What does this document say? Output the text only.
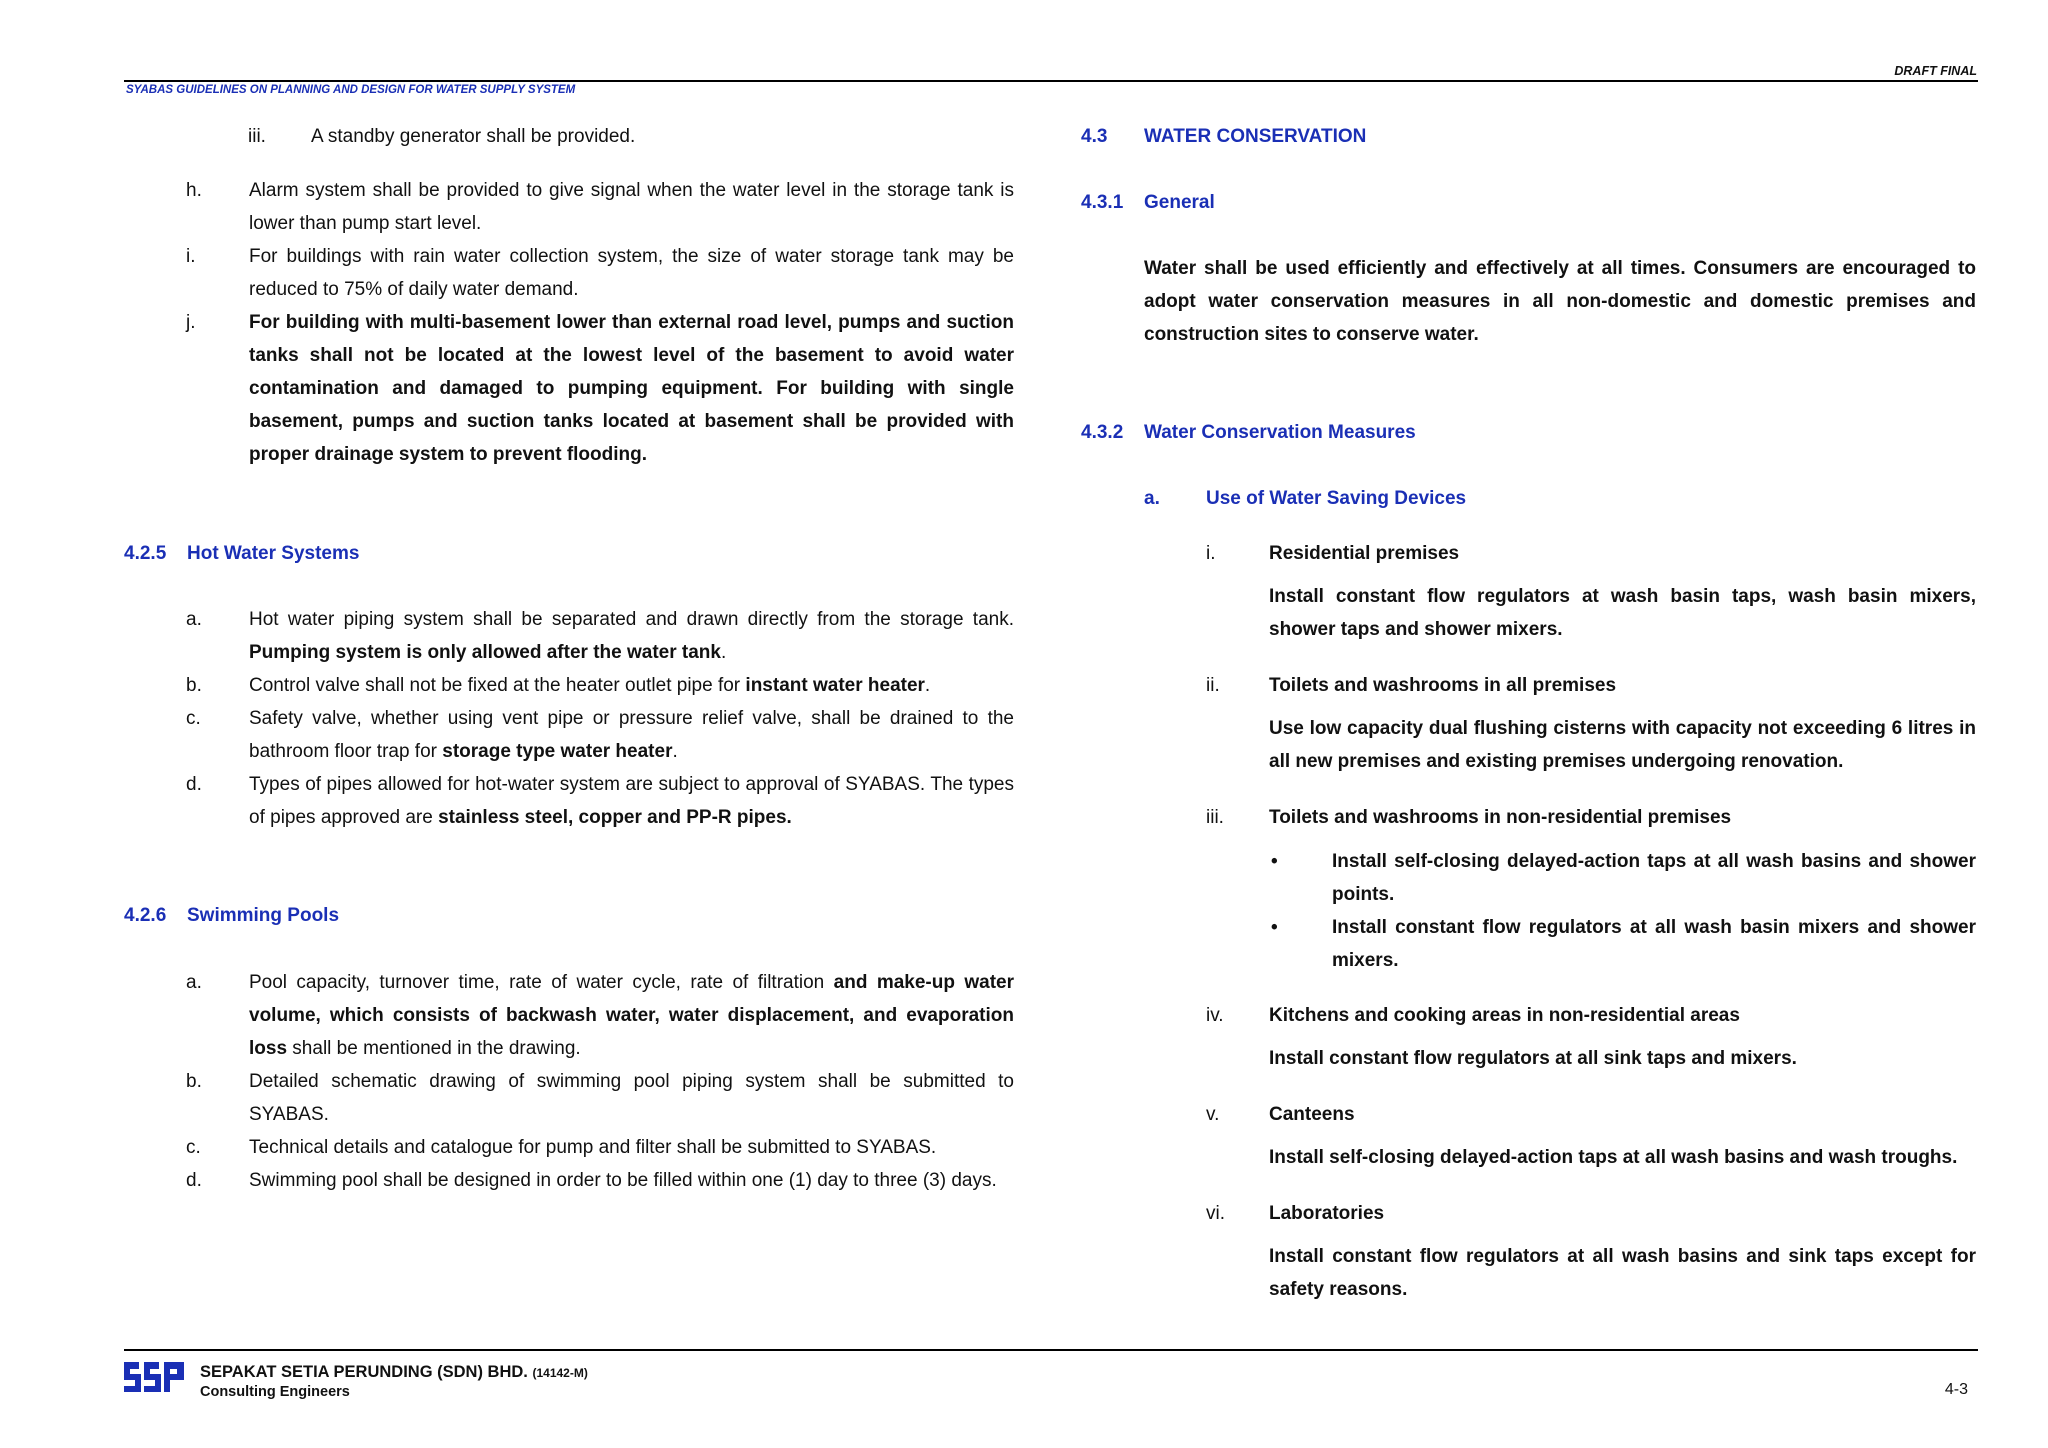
DRAFT FINAL
SYABAS GUIDELINES ON PLANNING AND DESIGN FOR WATER SUPPLY SYSTEM
iii. A standby generator shall be provided.
h. Alarm system shall be provided to give signal when the water level in the storage tank is lower than pump start level.
i.	For buildings with rain water collection system, the size of water storage tank may be reduced to 75% of daily water demand.
j.	For building with multi-basement lower than external road level, pumps and suction tanks shall not be located at the lowest level of the basement to avoid water contamination and damaged to pumping equipment. For building with single basement, pumps and suction tanks located at basement shall be provided with proper drainage system to prevent flooding.
4.2.5 Hot Water Systems
a. Hot water piping system shall be separated and drawn directly from the storage tank. Pumping system is only allowed after the water tank.
b. Control valve shall not be fixed at the heater outlet pipe for instant water heater.
c.	Safety valve, whether using vent pipe or pressure relief valve, shall be drained to the bathroom floor trap for storage type water heater.
d. Types of pipes allowed for hot-water system are subject to approval of SYABAS. The types of pipes approved are stainless steel, copper and PP-R pipes.
4.2.6 Swimming Pools
a. Pool capacity, turnover time, rate of water cycle, rate of filtration and make-up water volume, which consists of backwash water, water displacement, and evaporation loss shall be mentioned in the drawing.
b. Detailed schematic drawing of swimming pool piping system shall be submitted to SYABAS.
c.	Technical details and catalogue for pump and filter shall be submitted to SYABAS.
d. Swimming pool shall be designed in order to be filled within one (1) day to three (3) days.
4.3 WATER CONSERVATION
4.3.1 General
Water shall be used efficiently and effectively at all times. Consumers are encouraged to adopt water conservation measures in all non-domestic and domestic premises and construction sites to conserve water.
4.3.2 Water Conservation Measures
a. Use of Water Saving Devices
i.	Residential premises
Install constant flow regulators at wash basin taps, wash basin mixers, shower taps and shower mixers.
ii.	Toilets and washrooms in all premises
Use low capacity dual flushing cisterns with capacity not exceeding 6 litres in all new premises and existing premises undergoing renovation.
iii. Toilets and washrooms in non-residential premises
•	Install self-closing delayed-action taps at all wash basins and shower points.
•	Install constant flow regulators at all wash basin mixers and shower mixers.
iv. Kitchens and cooking areas in non-residential areas
Install constant flow regulators at all sink taps and mixers.
v.	Canteens
Install self-closing delayed-action taps at all wash basins and wash troughs.
vi. Laboratories
Install constant flow regulators at all wash basins and sink taps except for safety reasons.
SEPAKAT SETIA PERUNDING (SDN) BHD. (14142-M)
Consulting Engineers	4-3
